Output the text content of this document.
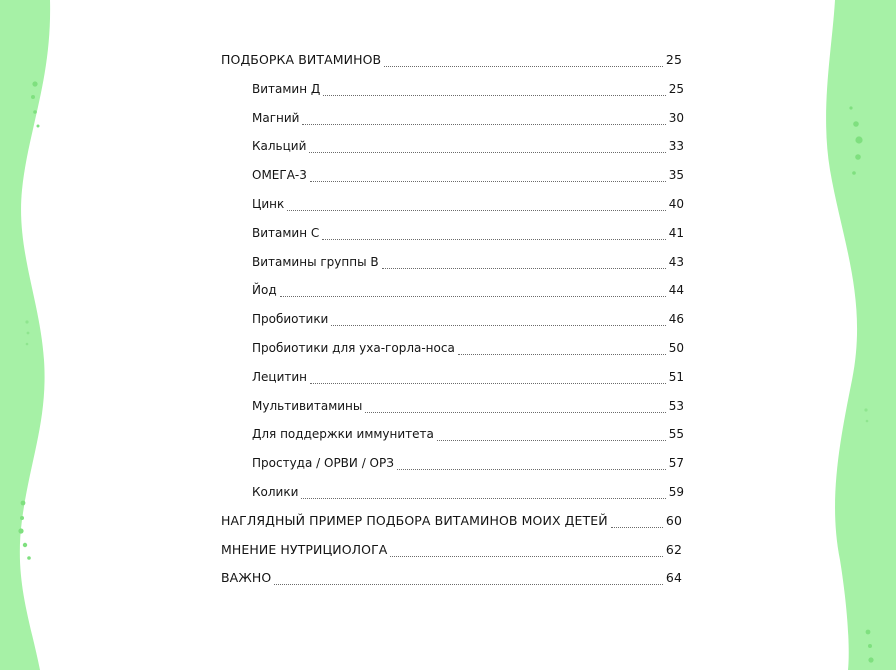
ПОДБОРКА ВИТАМИНОВ	25
Витамин Д	25
Магний	30
Кальций	33
ОМЕГА-3	35
Цинк	40
Витамин С	41
Витамины группы В	43
Йод	44
Пробиотики	46
Пробиотики для уха-горла-носа	50
Лецитин	51
Мультивитамины	53
Для поддержки иммунитета	55
Простуда / ОРВИ / ОРЗ	57
Колики	59
НАГЛЯДНЫЙ ПРИМЕР ПОДБОРА ВИТАМИНОВ МОИХ ДЕТЕЙ	60
МНЕНИЕ НУТРИЦИОЛОГА	62
ВАЖНО	64
